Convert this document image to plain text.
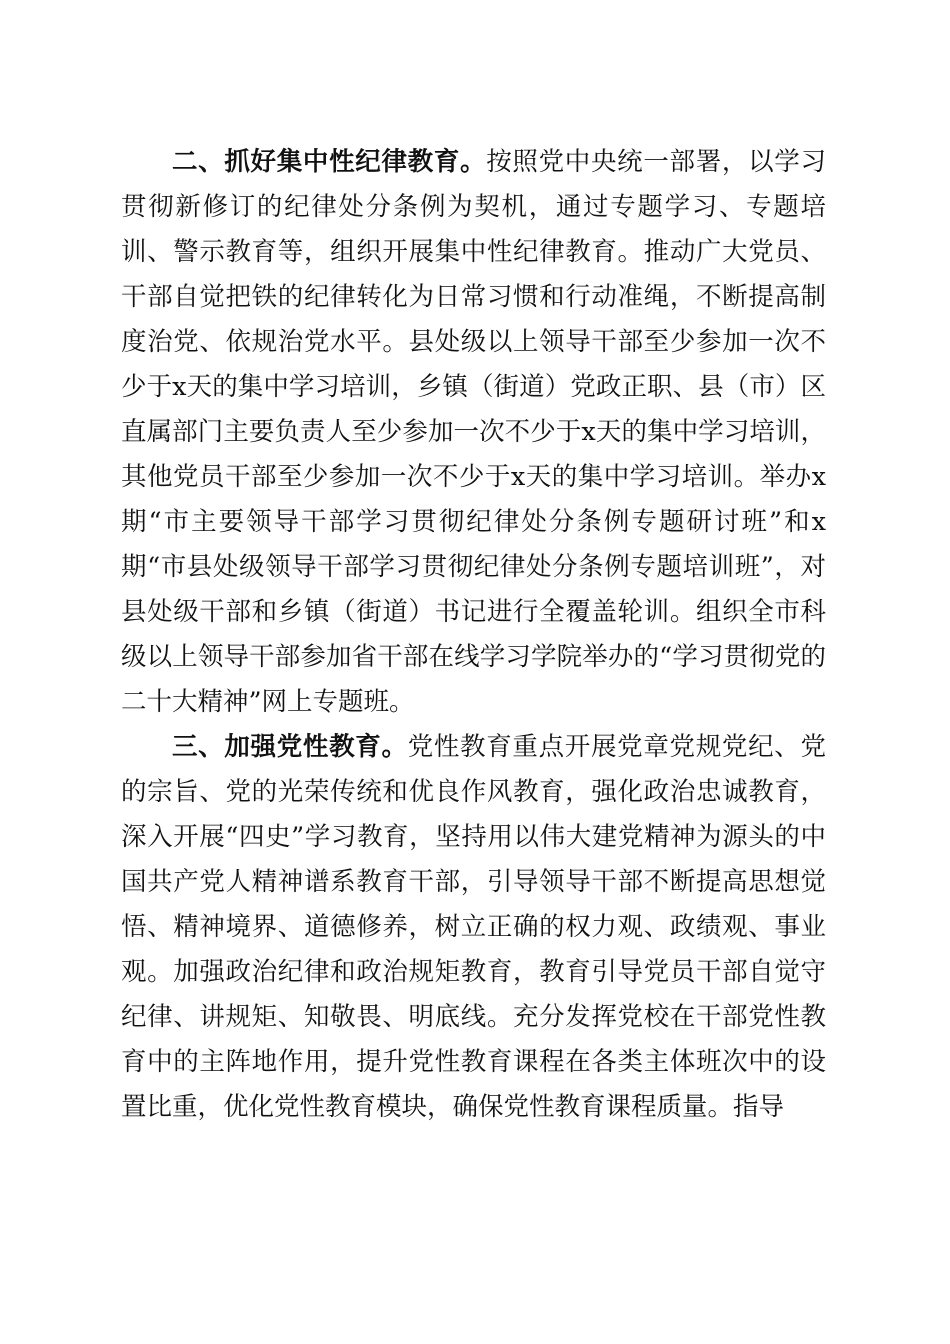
二、抓好集中性纪律教育。按照党中央统一部署，以学习贯彻新修订的纪律处分条例为契机，通过专题学习、专题培训、警示教育等，组织开展集中性纪律教育。推动广大党员、干部自觉把铁的纪律转化为日常习惯和行动准绳，不断提高制度治党、依规治党水平。县处级以上领导干部至少参加一次不少于x天的集中学习培训，乡镇（街道）党政正职、县（市）区直属部门主要负责人至少参加一次不少于x天的集中学习培训，其他党员干部至少参加一次不少于x天的集中学习培训。举办x期“市主要领导干部学习贯彻纪律处分条例专题研讨班”和x期“市县处级领导干部学习贯彻纪律处分条例专题培训班”，对县处级干部和乡镇（街道）书记进行全覆盖轮训。组织全市科级以上领导干部参加省干部在线学习学院举办的“学习贯彻党的二十大精神”网上专题班。

三、加强党性教育。党性教育重点开展党章党规党纪、党的宗旨、党的光荣传统和优良作风教育，强化政治忠诚教育，深入开展“四史”学习教育，坚持用以伟大建党精神为源头的中国共产党人精神谱系教育干部，引导领导干部不断提高思想觉悟、精神境界、道德修养，树立正确的权力观、政绩观、事业观。加强政治纪律和政治规矩教育，教育引导党员干部自觉守纪律、讲规矩、知敬畏、明底线。充分发挥党校在干部党性教育中的主阵地作用，提升党性教育课程在各类主体班次中的设置比重，优化党性教育模块，确保党性教育课程质量。指导
